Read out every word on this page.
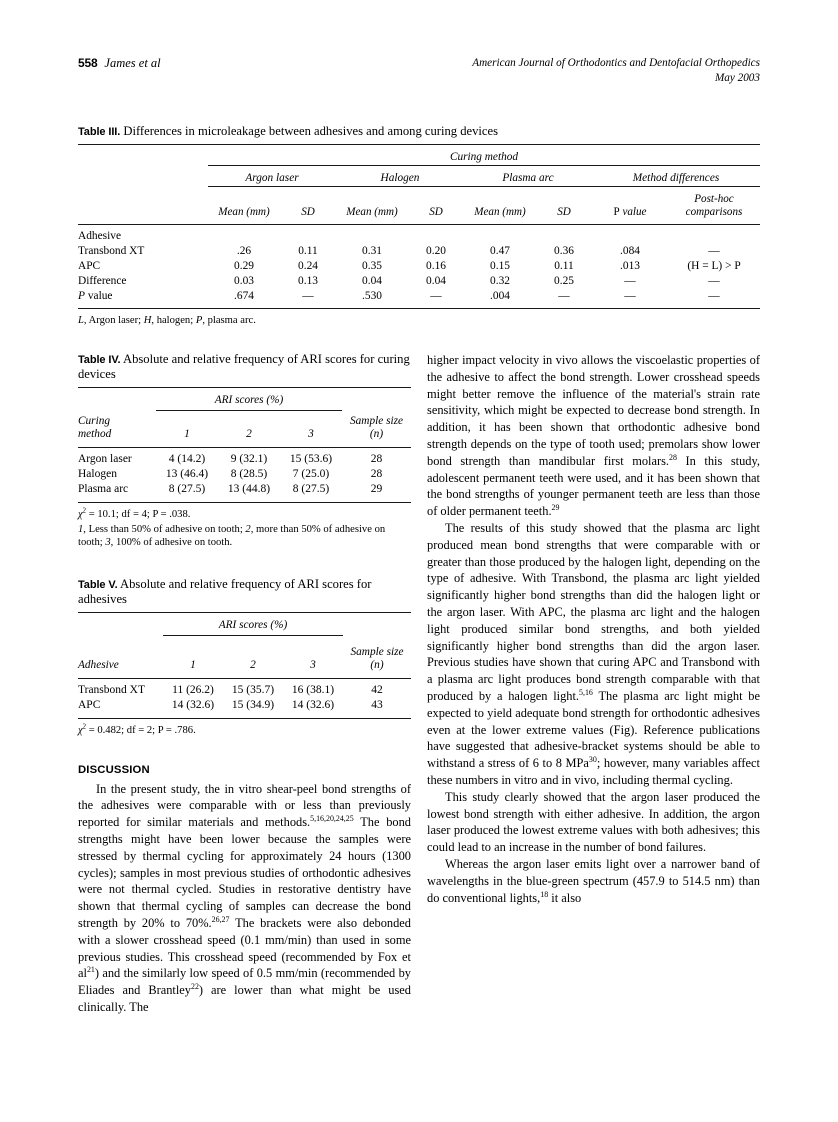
558 James et al	American Journal of Orthodontics and Dentofacial Orthopedics
May 2003
Table III. Differences in microleakage between adhesives and among curing devices
	Curing method							

	Argon laser		Halogen		Plasma arc		Method differences	

	Mean (mm)	SD	Mean (mm)	SD	Mean (mm)	SD	P value	Post-hoc
comparisons

Adhesive								
Transbond XT	.26	0.11	0.31	0.20	0.47	0.36	.084	—
APC	0.29	0.24	0.35	0.16	0.15	0.11	.013	(H = L) > P
Difference	0.03	0.13	0.04	0.04	0.32	0.25	—	—
P value	.674	—	.530	—	.004	—	—	—
L, Argon laser; H, halogen; P, plasma arc.
Table IV. Absolute and relative frequency of ARI scores for curing devices
	ARI scores (%)			

Curing
method	1	2	3	Sample size (n)

Argon laser	4 (14.2)	9 (32.1)	15 (53.6)	28
Halogen	13 (46.4)	8 (28.5)	7 (25.0)	28
Plasma arc	8 (27.5)	13 (44.8)	8 (27.5)	29
$\chi^2 = 10.1$; df = 4; P = .038.
1, Less than 50% of adhesive on tooth; 2, more than 50% of adhesive on tooth; 3, 100% of adhesive on tooth.
Table V. Absolute and relative frequency of ARI scores for adhesives
	ARI scores (%)			

Adhesive	1	2	3	Sample size (n)

Transbond XT	11 (26.2)	15 (35.7)	16 (38.1)	42
APC	14 (32.6)	15 (34.9)	14 (32.6)	43
$\chi^2 = 0.482$; df = 2; P = .786.
DISCUSSION

In the present study, the in vitro shear-peel bond strengths of the adhesives were comparable with or less than previously reported for similar materials and methods.$^{5,16,20,24,25}$ The bond strengths might have been lower because the samples were stressed by thermal cycling for approximately 24 hours (1300 cycles); samples in most previous studies of orthodontic adhesives were not thermal cycled. Studies in restorative dentistry have shown that thermal cycling of samples can decrease the bond strength by 20% to 70%.$^{26,27}$ The brackets were also debonded with a slower crosshead speed (0.1 mm/min) than used in some previous studies. This crosshead speed (recommended by Fox et $al^{21}$) and the similarly low speed of 0.5 mm/min (recommended by Eliades and Brantley$^{22}$) are lower than what might be used clinically. The

higher impact velocity in vivo allows the viscoelastic properties of the adhesive to affect the bond strength. Lower crosshead speeds might better remove the influence of the material's strain rate sensitivity, which might be expected to decrease bond strength. In addition, it has been shown that orthodontic adhesive bond strength depends on the type of tooth used; premolars show lower bond strength than mandibular first molars.$^{28}$ In this study, adolescent permanent teeth were used, and it has been shown that the bond strengths of younger permanent teeth are less than those of older permanent teeth.$^{29}$

The results of this study showed that the plasma arc light produced mean bond strengths that were comparable with or greater than those produced by the halogen light, depending on the type of adhesive. With Transbond, the plasma arc light yielded significantly higher bond strengths than did the halogen light or the argon laser. With APC, the plasma arc light and the halogen light produced similar bond strengths, and both yielded significantly higher bond strengths than did the argon laser. Previous studies have shown that curing APC and Transbond with a plasma arc light produces bond strength comparable with that produced by a halogen light.$^{5,16}$ The plasma arc light might be expected to yield adequate bond strength for orthodontic adhesives even at the lower extreme values (Fig). Reference publications have suggested that adhesive-bracket systems should be able to withstand a stress of 6 to 8 MPa$^{30}$; however, many variables affect these numbers in vitro and in vivo, including thermal cycling.

This study clearly showed that the argon laser produced the lowest bond strength with either adhesive. In addition, the argon laser produced the lowest extreme values with both adhesives; this could lead to an increase in the number of bond failures.

Whereas the argon laser emits light over a narrower band of wavelengths in the blue-green spectrum (457.9 to 514.5 nm) than do conventional lights,$^{18}$ it also
